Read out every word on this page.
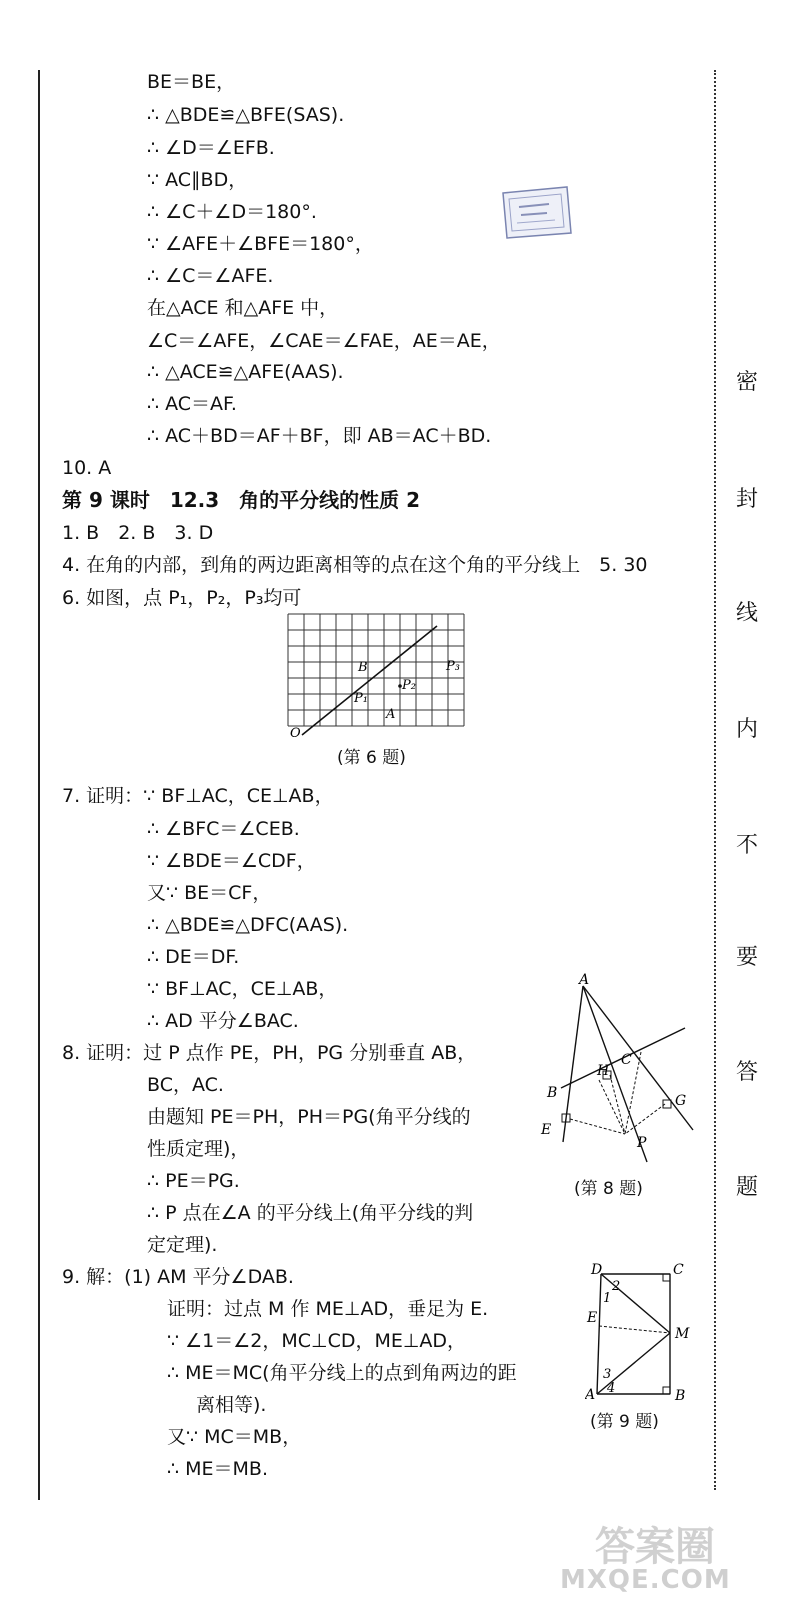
密
封
线
内
不
要
答
题
BE＝BE，
∴ △BDE≌△BFE(SAS).
∴ ∠D＝∠EFB.
∵ AC∥BD，
∴ ∠C＋∠D＝180°.
∵ ∠AFE＋∠BFE＝180°，
∴ ∠C＝∠AFE.
在△ACE 和△AFE 中，
∠C＝∠AFE，∠CAE＝∠FAE，AE＝AE，
∴ △ACE≌△AFE(AAS).
∴ AC＝AF.
∴ AC＋BD＝AF＋BF，即 AB＝AC＋BD.
10. A
第 9 课时　12.3　角的平分线的性质 2
1. B　2. B　3. D
4. 在角的内部，到角的两边距离相等的点在这个角的平分线上　5. 30
6. 如图，点 P₁，P₂，P₃均可
B
P₁
P₂
P₃
A
O
(第 6 题)
7. 证明：∵ BF⊥AC，CE⊥AB，
∴ ∠BFC＝∠CEB.
∵ ∠BDE＝∠CDF，
又∵ BE＝CF，
∴ △BDE≌△DFC(AAS).
∴ DE＝DF.
∵ BF⊥AC，CE⊥AB，
∴ AD 平分∠BAC.
8. 证明：过 P 点作 PE，PH，PG 分别垂直 AB，
BC，AC.
由题知 PE＝PH，PH＝PG(角平分线的
性质定理)，
∴ PE＝PG.
∴ P 点在∠A 的平分线上(角平分线的判
定定理).
A
C
H
B	G
E
P
(第 8 题)
9. 解：(1) AM 平分∠DAB.
证明：过点 M 作 ME⊥AD，垂足为 E.
∵ ∠1＝∠2，MC⊥CD，ME⊥AD，
∴ ME＝MC(角平分线上的点到角两边的距
离相等).
又∵ MC＝MB，
∴ ME＝MB.
D
2
C
1
E
M
3
A 4	B
(第 9 题)
答案圈
MXQE.COM
